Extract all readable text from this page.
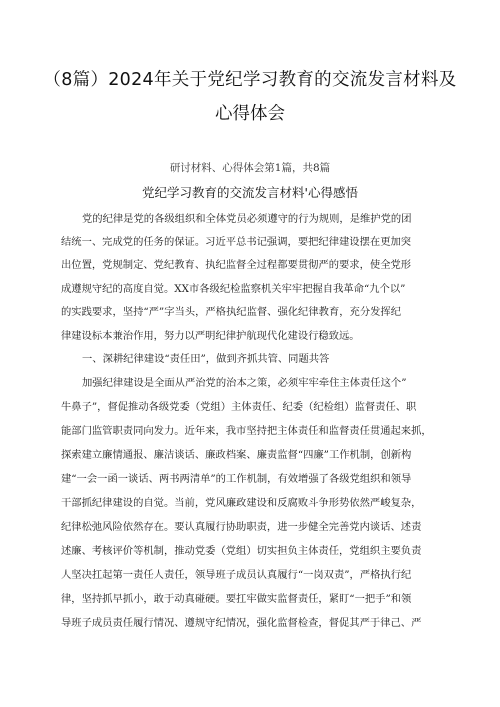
（8篇）2024年关于党纪学习教育的交流发言材料及
心得体会
研讨材料、心得体会第1篇，共8篇
党纪学习教育的交流发言材料'心得感悟
党的纪律是党的各级组织和全体党员必须遵守的行为规则，是维护党的团
结统一、完成党的任务的保证。习近平总书记强调，要把纪律建设摆在更加突
出位置，党规制定、党纪教育、执纪监督全过程都要贯彻严的要求，使全党形
成遵规守纪的高度自觉。XX市各级纪检监察机关牢牢把握自我革命“九个以”
的实践要求，坚持“严”字当头，严格执纪监督、强化纪律教育，充分发挥纪
律建设标本兼治作用，努力以严明纪律护航现代化建设行稳致远。
一、深耕纪律建设“责任田”，做到齐抓共管、同题共答
加强纪律建设是全面从严治党的治本之策，必须牢牢牵住主体责任这个”
牛鼻子”，督促推动各级党委（党组）主体责任、纪委（纪检组）监督责任、职
能部门监管职责同向发力。近年来，我市坚持把主体责任和监督责任贯通起来抓，
探索建立廉情通报、廉洁谈话、廉政档案、廉责监督“四廉”工作机制，创新构
建“一会一函一谈话、两书两清单”的工作机制，有效增强了各级党组织和领导
干部抓纪律建设的自觉。当前，党风廉政建设和反腐败斗争形势依然严峻复杂，
纪律松弛风险依然存在。要认真履行协助职责，进一步健全完善党内谈话、述责
述廉、考核评价等机制，推动党委（党组）切实担负主体责任，党组织主要负责
人坚决扛起第一责任人责任，领导班子成员认真履行“一岗双责”，严格执行纪
律，坚持抓早抓小，敢于动真碰硬。要扛牢做实监督责任，紧盯“一把手”和领
导班子成员责任履行情况、遵规守纪情况，强化监督检查，督促其严于律己、严
